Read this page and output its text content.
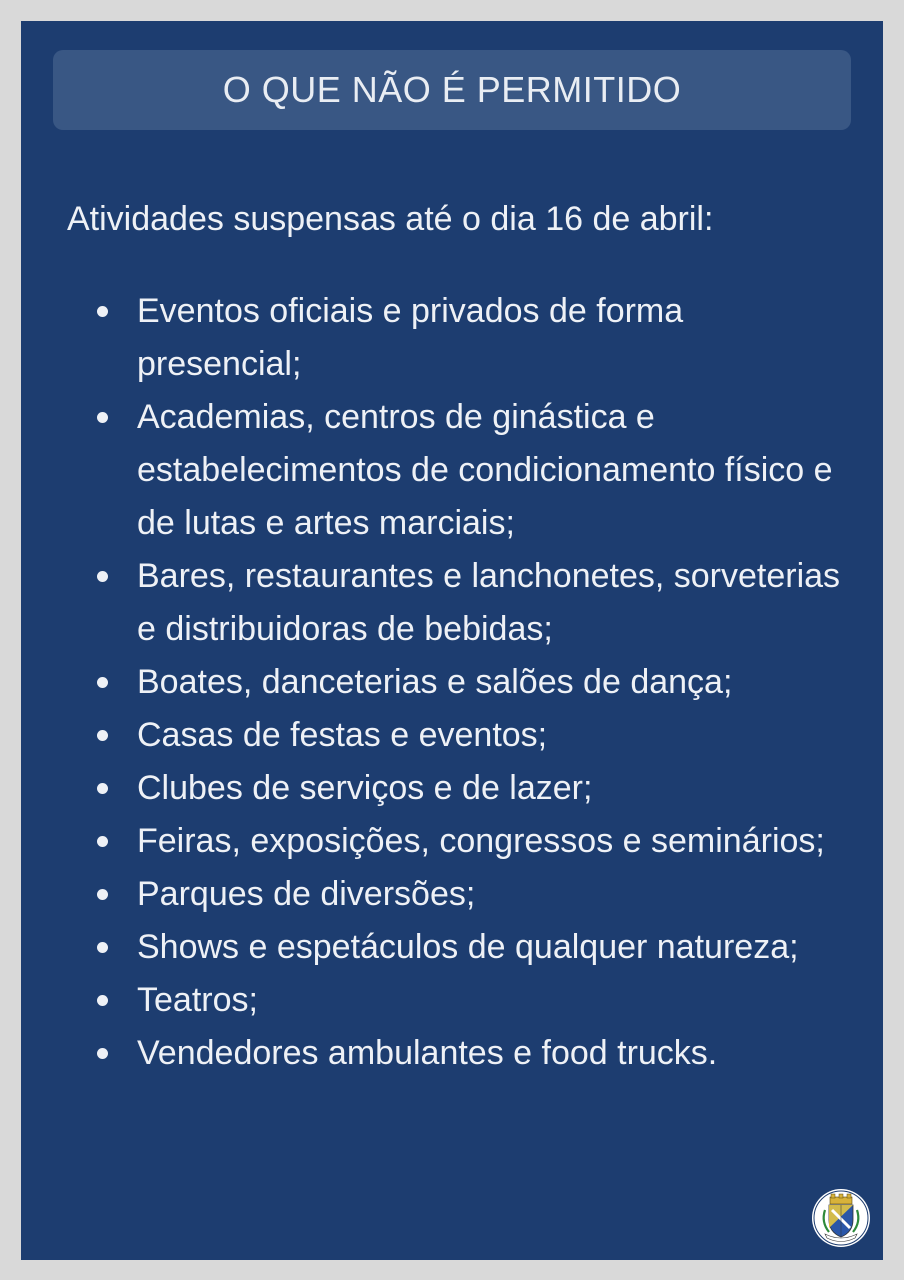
O QUE NÃO É PERMITIDO

Atividades suspensas até o dia 16 de abril:

Eventos oficiais e privados de forma presencial;
Academias, centros de ginástica e estabelecimentos de condicionamento físico e de lutas e artes marciais;
Bares, restaurantes e lanchonetes, sorveterias e distribuidoras de bebidas;
Boates, danceterias e salões de dança;
Casas de festas e eventos;
Clubes de serviços e de lazer;
Feiras, exposições, congressos e seminários;
Parques de diversões;
Shows e espetáculos de qualquer natureza;
Teatros;
Vendedores ambulantes e food trucks.
